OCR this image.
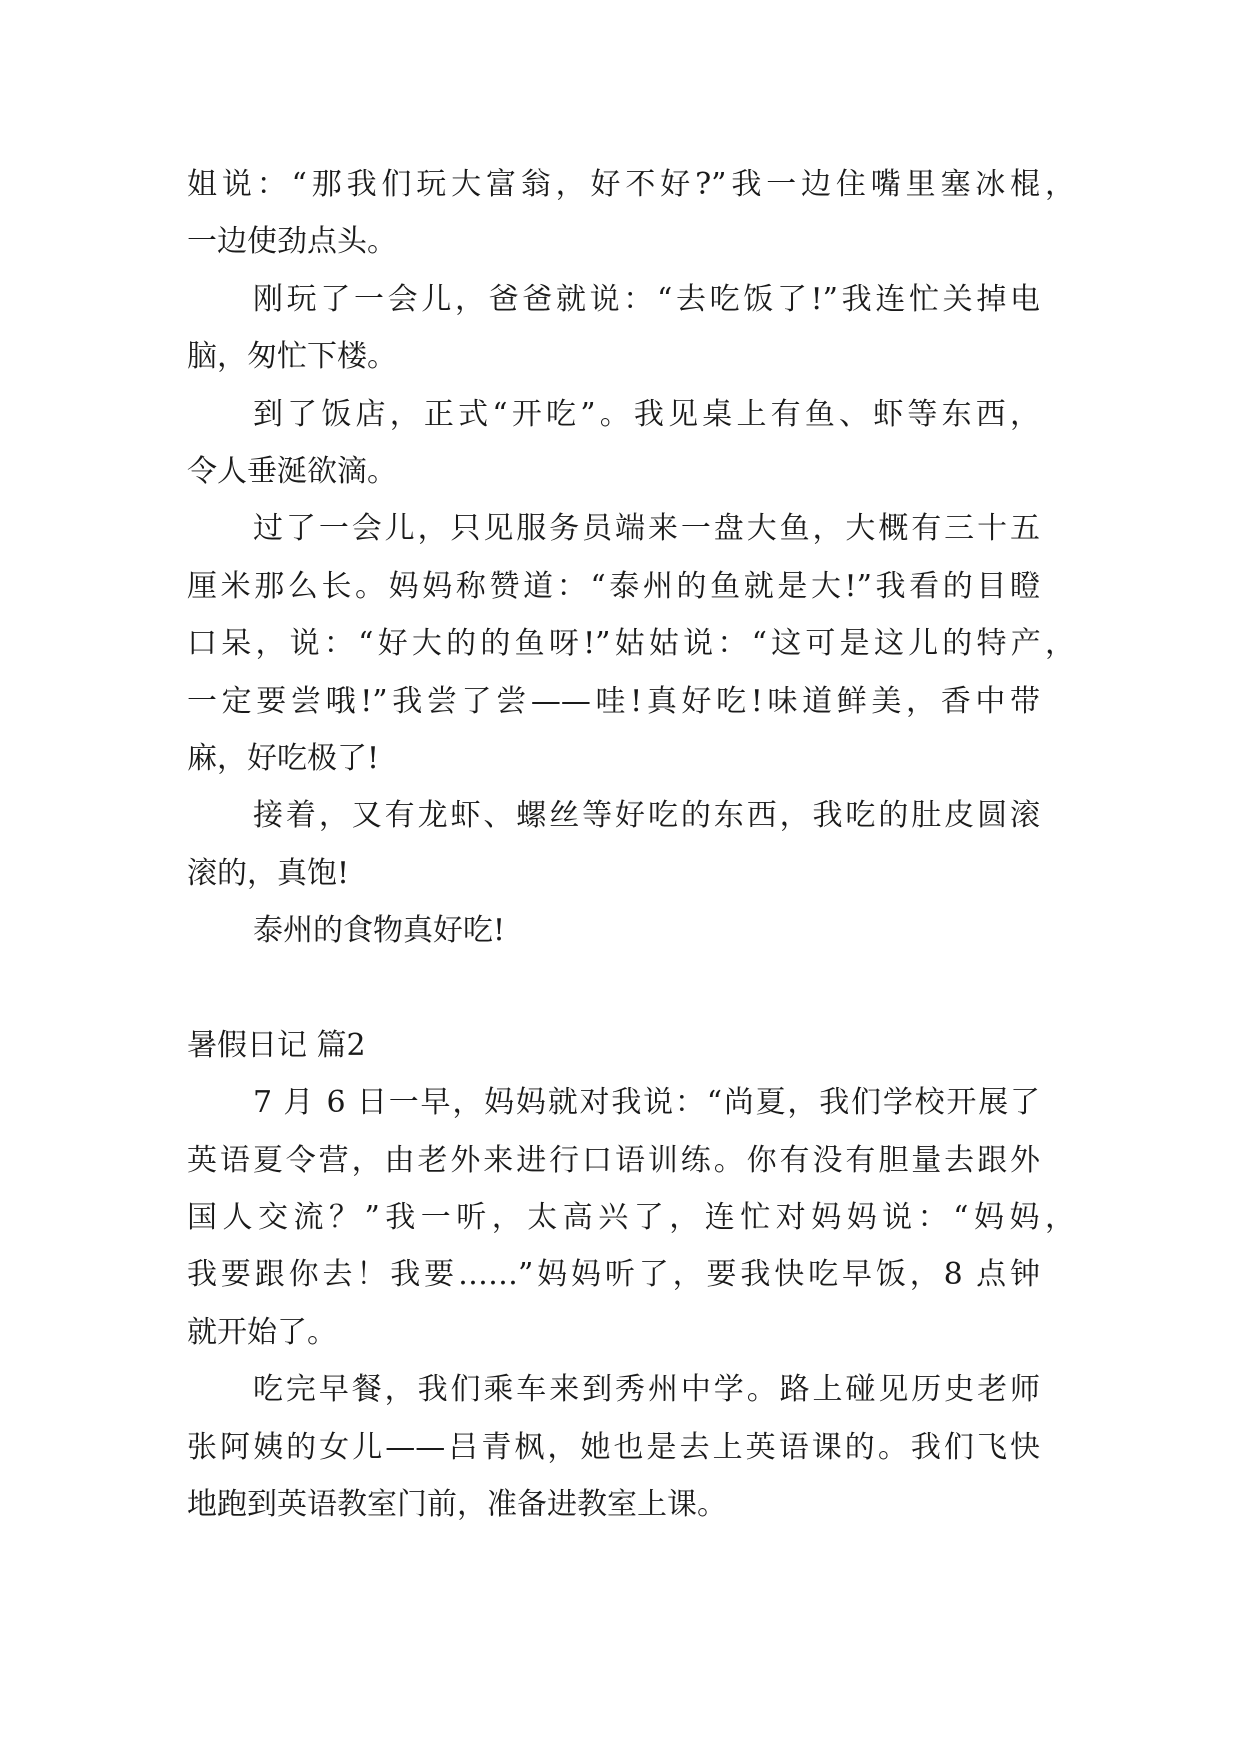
姐说：“那我们玩大富翁，好不好?”我一边住嘴里塞冰棍，
一边使劲点头。
刚玩了一会儿，爸爸就说：“去吃饭了!”我连忙关掉电
脑，匆忙下楼。
到了饭店，正式“开吃”。我见桌上有鱼、虾等东西，
令人垂涎欲滴。
过了一会儿，只见服务员端来一盘大鱼，大概有三十五
厘米那么长。妈妈称赞道：“泰州的鱼就是大!”我看的目瞪
口呆，说：“好大的的鱼呀!”姑姑说：“这可是这儿的特产，
一定要尝哦!”我尝了尝——哇!真好吃!味道鲜美，香中带
麻，好吃极了!
接着，又有龙虾、螺丝等好吃的东西，我吃的肚皮圆滚
滚的，真饱!
泰州的食物真好吃!
暑假日记 篇2
7 月 6 日一早，妈妈就对我说：“尚夏，我们学校开展了
英语夏令营，由老外来进行口语训练。你有没有胆量去跟外
国人交流？”我一听，太高兴了，连忙对妈妈说：“妈妈，
我要跟你去！我要……”妈妈听了，要我快吃早饭，8 点钟
就开始了。
吃完早餐，我们乘车来到秀州中学。路上碰见历史老师
张阿姨的女儿——吕青枫，她也是去上英语课的。我们飞快
地跑到英语教室门前，准备进教室上课。
